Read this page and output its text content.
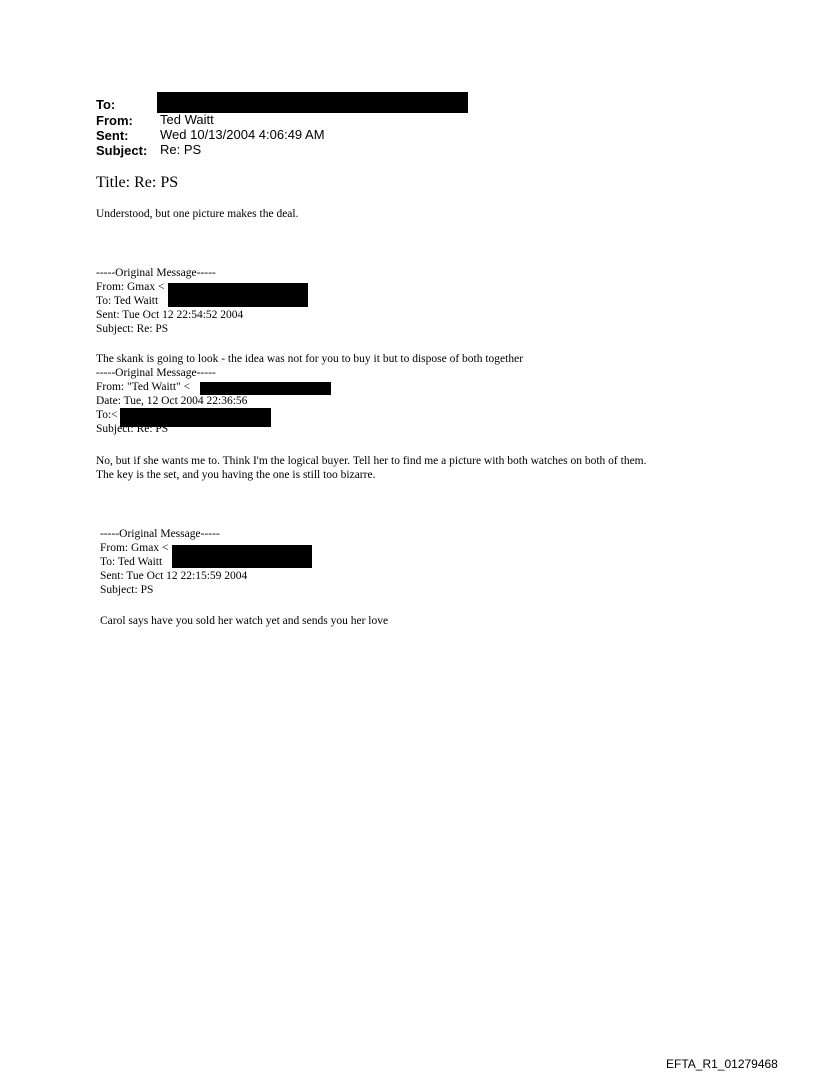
To:
From: Ted Waitt
Sent: Wed 10/13/2004 4:06:49 AM
Subject: Re: PS
Title: Re: PS
Understood, but one picture makes the deal.
-----Original Message-----
From: Gmax <
To: Ted Waitt
Sent: Tue Oct 12 22:54:52 2004
Subject: Re: PS
The skank is going to look - the idea was not for you to buy it but to dispose of both together
-----Original Message-----
From: "Ted Waitt" <
Date: Tue, 12 Oct 2004 22:36:56
To:<
Subject: Re: PS
No, but if she wants me to. Think I'm the logical buyer. Tell her to find me a picture with both watches on both of them.
The key is the set, and you having the one is still too bizarre.
-----Original Message-----
From: Gmax <
To: Ted Waitt
Sent: Tue Oct 12 22:15:59 2004
Subject: PS
Carol says have you sold her watch yet and sends you her love
EFTA_R1_01279468
